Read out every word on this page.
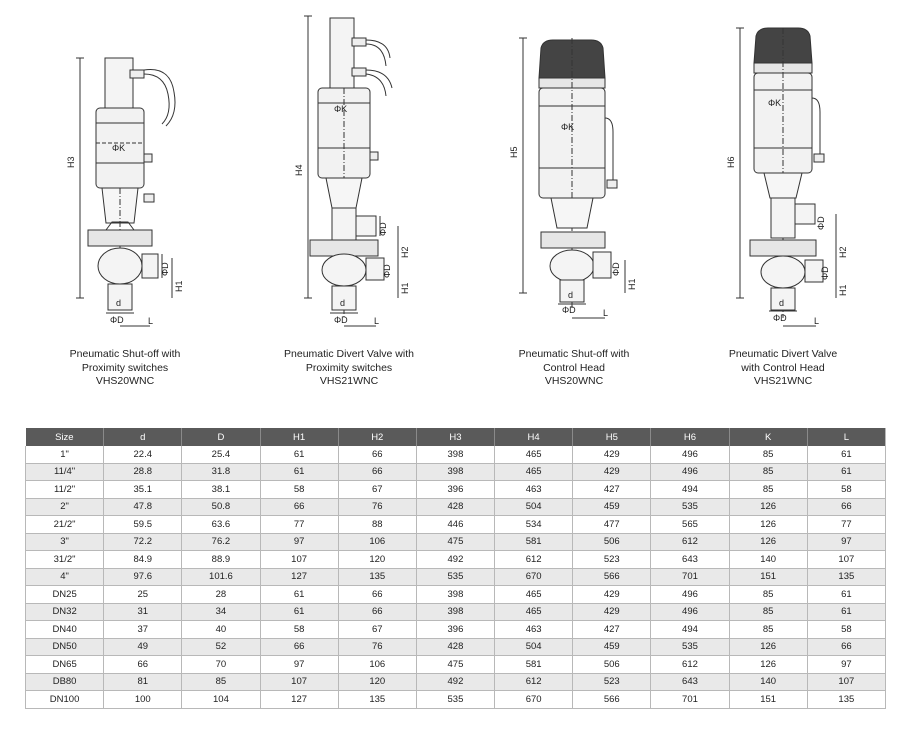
H3
ΦK
ΦD
H1
d
ΦD	L
Pneumatic Shut-off with
Proximity switches
VHS20WNC
H4
ΦK
ΦD
ΦD
H2
H1
d
ΦD	L
Pneumatic Divert Valve with
Proximity switches
VHS21WNC
H5
ΦK
ΦD
H1
d
ΦD	L
Pneumatic Shut-off with
Control Head
VHS20WNC
H6
ΦK
ΦD
ΦD
H2
H1
d
ΦD	L
Pneumatic Divert Valve
with Control Head
VHS21WNC
Size	d	D	H1	H2	H3	H4	H5	H6	K	L
1"	22.4	25.4	61	66	398	465	429	496	85	61
11/4"	28.8	31.8	61	66	398	465	429	496	85	61
11/2"	35.1	38.1	58	67	396	463	427	494	85	58
2"	47.8	50.8	66	76	428	504	459	535	126	66
21/2"	59.5	63.6	77	88	446	534	477	565	126	77
3"	72.2	76.2	97	106	475	581	506	612	126	97
31/2"	84.9	88.9	107	120	492	612	523	643	140	107
4"	97.6	101.6	127	135	535	670	566	701	151	135
DN25	25	28	61	66	398	465	429	496	85	61
DN32	31	34	61	66	398	465	429	496	85	61
DN40	37	40	58	67	396	463	427	494	85	58
DN50	49	52	66	76	428	504	459	535	126	66
DN65	66	70	97	106	475	581	506	612	126	97
DB80	81	85	107	120	492	612	523	643	140	107
DN100	100	104	127	135	535	670	566	701	151	135
